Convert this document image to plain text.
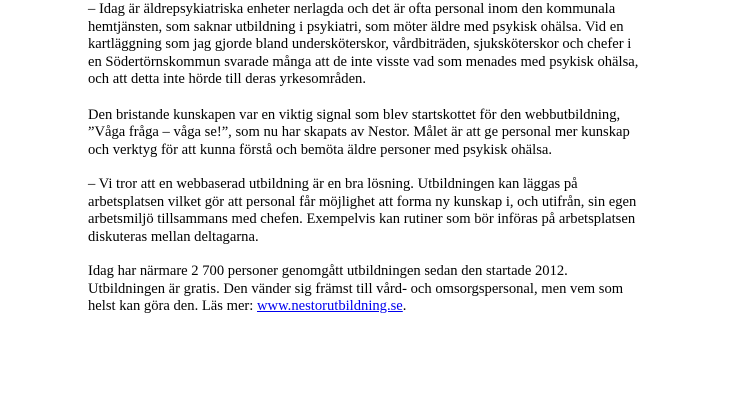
– Idag är äldrepsykiatriska enheter nerlagda och det är ofta personal inom den kommunala
hemtjänsten, som saknar utbildning i psykiatri, som möter äldre med psykisk ohälsa. Vid en
kartläggning som jag gjorde bland undersköterskor, vårdbiträden, sjuksköterskor och chefer i
en Södertörnskommun svarade många att de inte visste vad som menades med psykisk ohälsa,
och att detta inte hörde till deras yrkesområden.

Den bristande kunskapen var en viktig signal som blev startskottet för den webbutbildning,
”Våga fråga – våga se!”, som nu har skapats av Nestor. Målet är att ge personal mer kunskap
och verktyg för att kunna förstå och bemöta äldre personer med psykisk ohälsa.

– Vi tror att en webbaserad utbildning är en bra lösning. Utbildningen kan läggas på
arbetsplatsen vilket gör att personal får möjlighet att forma ny kunskap i, och utifrån, sin egen
arbetsmiljö tillsammans med chefen. Exempelvis kan rutiner som bör införas på arbetsplatsen
diskuteras mellan deltagarna.

Idag har närmare 2 700 personer genomgått utbildningen sedan den startade 2012.
Utbildningen är gratis. Den vänder sig främst till vård- och omsorgspersonal, men vem som
helst kan göra den. Läs mer: www.nestorutbildning.se.
